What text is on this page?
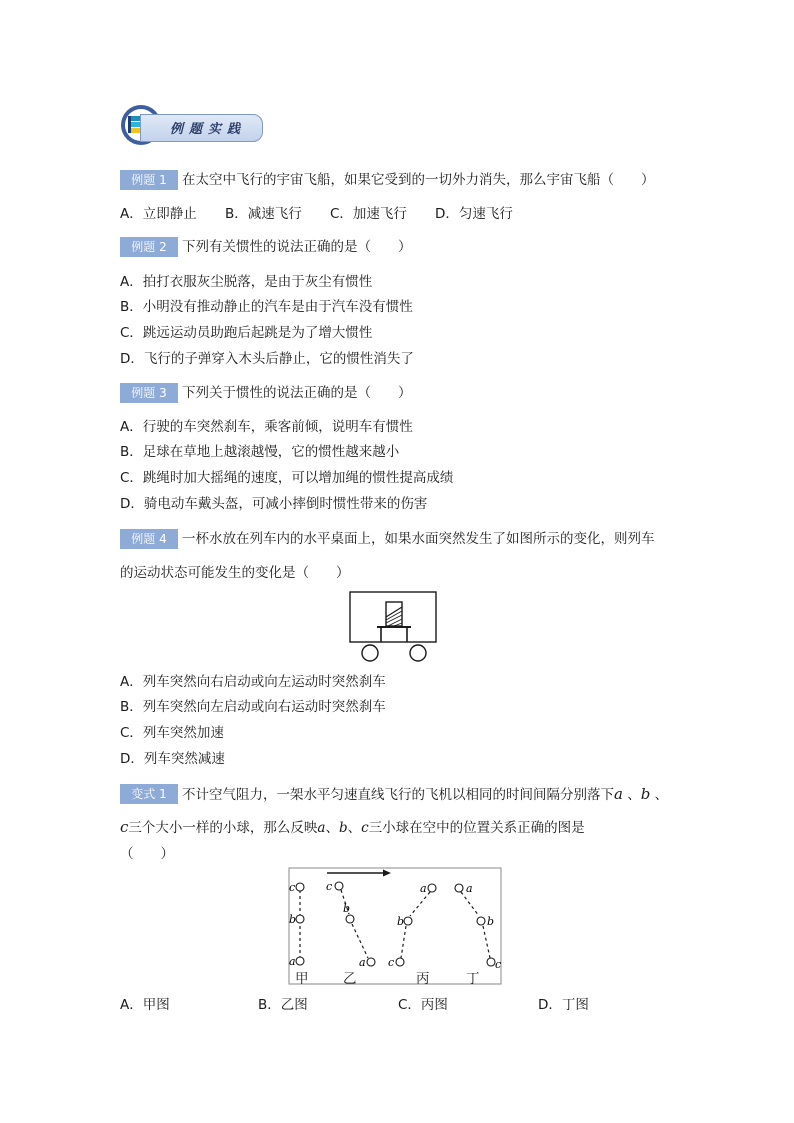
例题实践
例题 1	在太空中飞行的宇宙飞船，如果它受到的一切外力消失，那么宇宙飞船（　　）
A．立即静止 B．减速飞行 C．加速飞行 D．匀速飞行
例题 2	下列有关惯性的说法正确的是（　　）
A．拍打衣服灰尘脱落，是由于灰尘有惯性
B．小明没有推动静止的汽车是由于汽车没有惯性
C．跳远运动员助跑后起跳是为了增大惯性
D．飞行的子弹穿入木头后静止，它的惯性消失了
例题 3	下列关于惯性的说法正确的是（　　）
A．行驶的车突然刹车，乘客前倾，说明车有惯性
B．足球在草地上越滚越慢，它的惯性越来越小
C．跳绳时加大摇绳的速度，可以增加绳的惯性提高成绩
D．骑电动车戴头盔，可减小摔倒时惯性带来的伤害
例题 4	一杯水放在列车内的水平桌面上，如果水面突然发生了如图所示的变化，则列车
的运动状态可能发生的变化是（　　）
A．列车突然向右启动或向左运动时突然刹车
B．列车突然向左启动或向右运动时突然刹车
C．列车突然加速
D．列车突然减速
变式 1	不计空气阻力，一架水平匀速直线飞行的飞机以相同的时间间隔分别落下a 、b 、
c三个大小一样的小球，那么反映a、b、c三小球在空中的位置关系正确的图是
（　　）
c
b
a
c
b
a
a
b
c
a
b
c
甲	乙	丙	丁
A．甲图	B．乙图	C．丙图	D．丁图
